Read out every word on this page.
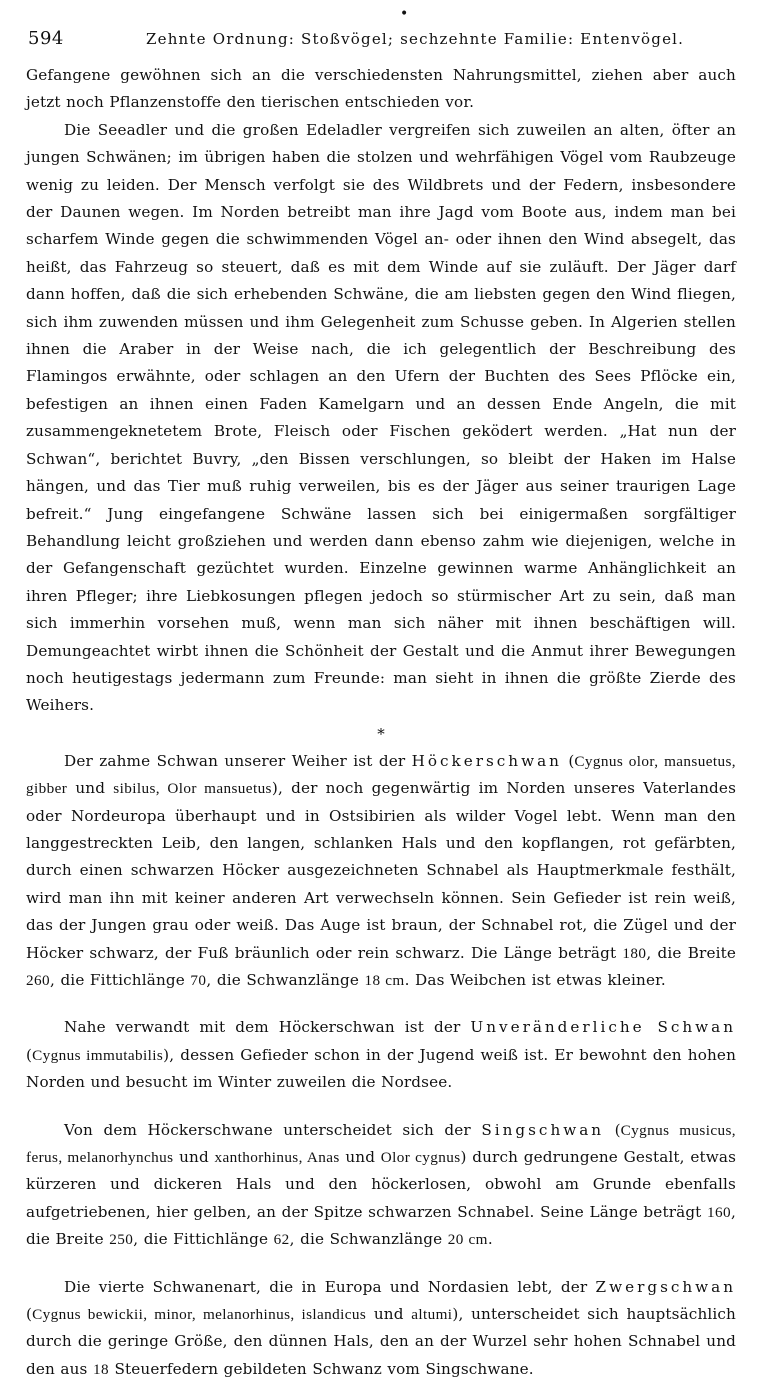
•
594	Zehnte Ordnung: Stoßvögel; sechzehnte Familie: Entenvögel.

Gefangene gewöhnen sich an die verschiedensten Nahrungsmittel, ziehen aber auch jetzt noch Pflanzenstoffe den tierischen entschieden vor.

Die Seeadler und die großen Edeladler vergreifen sich zuweilen an alten, öfter an jungen Schwänen; im übrigen haben die stolzen und wehrfähigen Vögel vom Raubzeuge wenig zu leiden. Der Mensch verfolgt sie des Wildbrets und der Federn, insbesondere der Daunen wegen. Im Norden betreibt man ihre Jagd vom Boote aus, indem man bei scharfem Winde gegen die schwimmenden Vögel an- oder ihnen den Wind absegelt, das heißt, das Fahrzeug so steuert, daß es mit dem Winde auf sie zuläuft. Der Jäger darf dann hoffen, daß die sich erhebenden Schwäne, die am liebsten gegen den Wind fliegen, sich ihm zuwenden müssen und ihm Gelegenheit zum Schusse geben. In Algerien stellen ihnen die Araber in der Weise nach, die ich gelegentlich der Beschreibung des Flamingos erwähnte, oder schlagen an den Ufern der Buchten des Sees Pflöcke ein, befestigen an ihnen einen Faden Kamelgarn und an dessen Ende Angeln, die mit zusammengeknetetem Brote, Fleisch oder Fischen geködert werden. „Hat nun der Schwan“, berichtet Buvry, „den Bissen verschlungen, so bleibt der Haken im Halse hängen, und das Tier muß ruhig verweilen, bis es der Jäger aus seiner traurigen Lage befreit.“ Jung eingefangene Schwäne lassen sich bei einigermaßen sorgfältiger Behandlung leicht großziehen und werden dann ebenso zahm wie diejenigen, welche in der Gefangenschaft gezüchtet wurden. Einzelne gewinnen warme Anhänglichkeit an ihren Pfleger; ihre Liebkosungen pflegen jedoch so stürmischer Art zu sein, daß man sich immerhin vorsehen muß, wenn man sich näher mit ihnen beschäftigen will. Demungeachtet wirbt ihnen die Schönheit der Gestalt und die Anmut ihrer Bewegungen noch heutigestags jedermann zum Freunde: man sieht in ihnen die größte Zierde des Weihers.

*

Der zahme Schwan unserer Weiher ist der Höckerschwan (Cygnus olor, mansuetus, gibber und sibilus, Olor mansuetus), der noch gegenwärtig im Norden unseres Vaterlandes oder Nordeuropa überhaupt und in Ostsibirien als wilder Vogel lebt. Wenn man den langgestreckten Leib, den langen, schlanken Hals und den kopflangen, rot gefärbten, durch einen schwarzen Höcker ausgezeichneten Schnabel als Hauptmerkmale festhält, wird man ihn mit keiner anderen Art verwechseln können. Sein Gefieder ist rein weiß, das der Jungen grau oder weiß. Das Auge ist braun, der Schnabel rot, die Zügel und der Höcker schwarz, der Fuß bräunlich oder rein schwarz. Die Länge beträgt 180, die Breite 260, die Fittichlänge 70, die Schwanzlänge 18 cm. Das Weibchen ist etwas kleiner.

Nahe verwandt mit dem Höckerschwan ist der Unveränderliche Schwan (Cygnus immutabilis), dessen Gefieder schon in der Jugend weiß ist. Er bewohnt den hohen Norden und besucht im Winter zuweilen die Nordsee.

Von dem Höckerschwane unterscheidet sich der Singschwan (Cygnus musicus, ferus, melanorhynchus und xanthorhinus, Anas und Olor cygnus) durch gedrungene Gestalt, etwas kürzeren und dickeren Hals und den höckerlosen, obwohl am Grunde ebenfalls aufgetriebenen, hier gelben, an der Spitze schwarzen Schnabel. Seine Länge beträgt 160, die Breite 250, die Fittichlänge 62, die Schwanzlänge 20 cm.

Die vierte Schwanenart, die in Europa und Nordasien lebt, der Zwergschwan (Cygnus bewickii, minor, melanorhinus, islandicus und altumi), unterscheidet sich hauptsächlich durch die geringe Größe, den dünnen Hals, den an der Wurzel sehr hohen Schnabel und den aus 18 Steuerfedern gebildeten Schwanz vom Singschwane.
